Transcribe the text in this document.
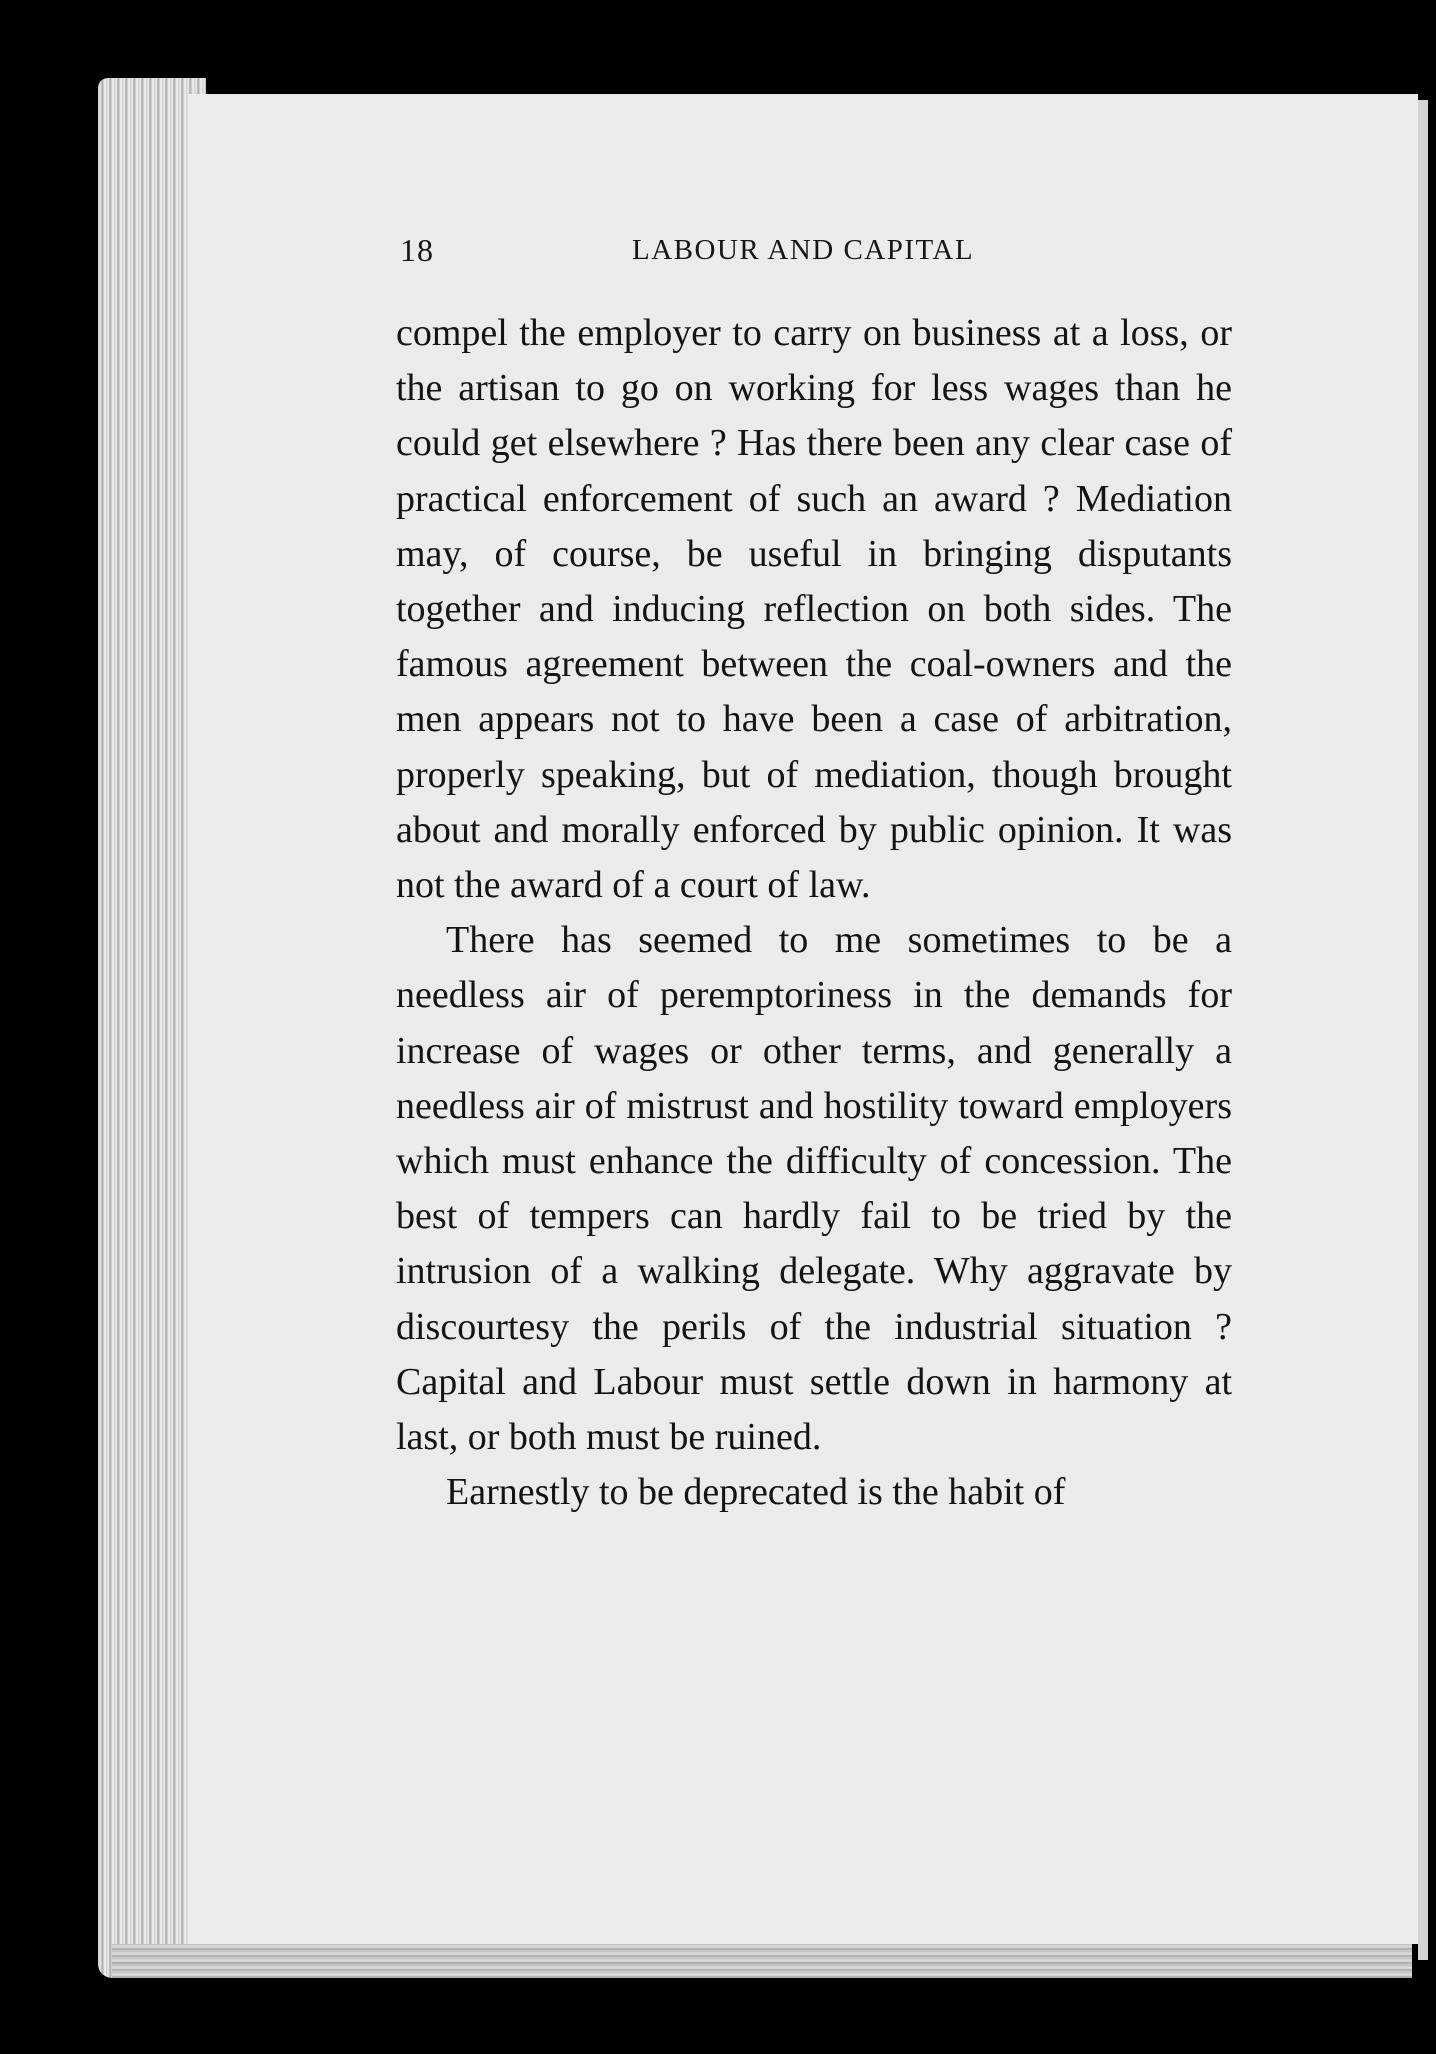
18	LABOUR AND CAPITAL

compel the employer to carry on business at a loss, or the artisan to go on working for less wages than he could get elsewhere ? Has there been any clear case of practical enforcement of such an award ? Mediation may, of course, be useful in bringing disputants together and inducing reflection on both sides. The famous agreement between the coal-owners and the men appears not to have been a case of arbitration, properly speaking, but of mediation, though brought about and morally enforced by public opinion. It was not the award of a court of law.

There has seemed to me sometimes to be a needless air of peremptoriness in the demands for increase of wages or other terms, and generally a needless air of mistrust and hostility toward employers which must enhance the difficulty of concession. The best of tempers can hardly fail to be tried by the intrusion of a walking delegate. Why aggravate by discourtesy the perils of the industrial situation ? Capital and Labour must settle down in harmony at last, or both must be ruined.

Earnestly to be deprecated is the habit of
